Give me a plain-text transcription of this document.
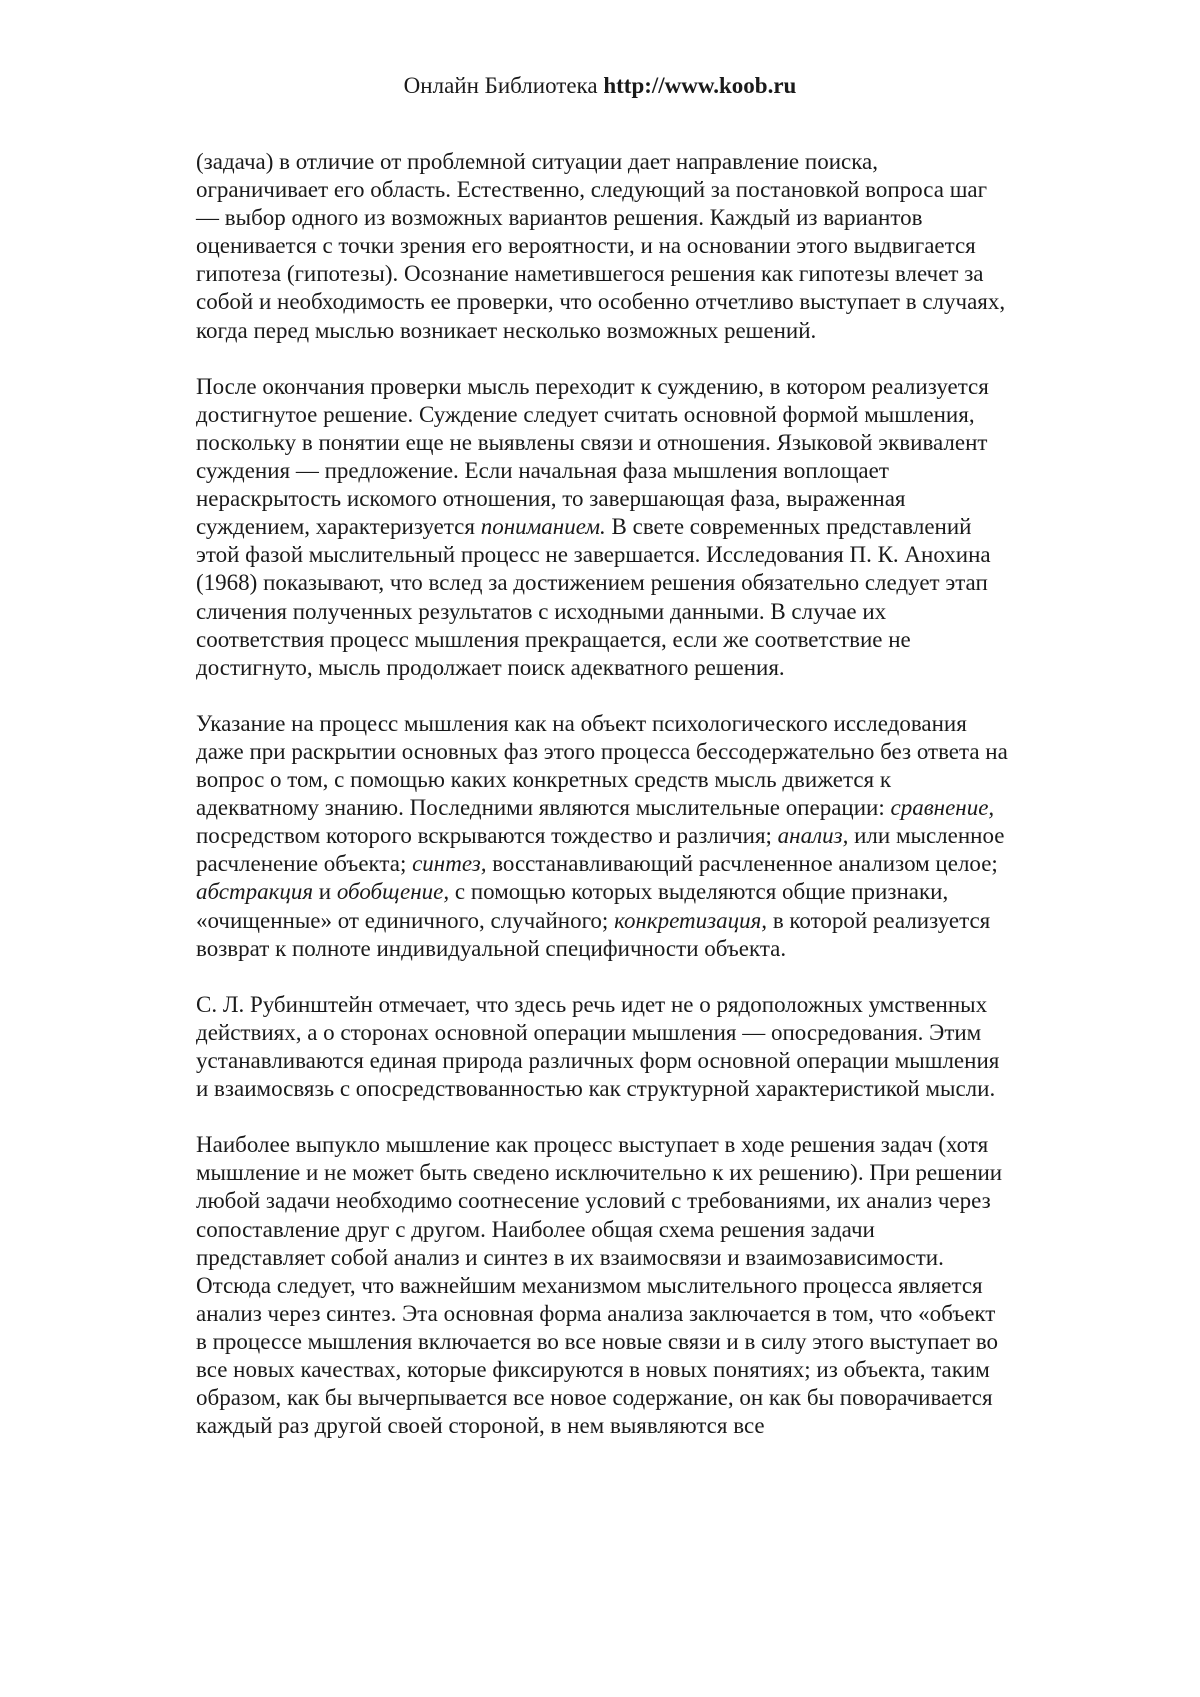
Онлайн Библиотека http://www.koob.ru

(задача) в отличие от проблемной ситуации дает направление поиска, ограничивает его область. Естественно, следующий за постановкой вопроса шаг — выбор одного из возможных вариантов решения. Каждый из вариантов оценивается с точки зрения его вероятности, и на основании этого выдвигается гипотеза (гипотезы). Осознание наметившегося решения как гипотезы влечет за собой и необходимость ее проверки, что особенно отчетливо выступает в случаях, когда перед мыслью возникает несколько возможных решений.

После окончания проверки мысль переходит к суждению, в котором реализуется достигнутое решение. Суждение следует считать основной формой мышления, поскольку в понятии еще не выявлены связи и отношения. Языковой эквивалент суждения — предложение. Если начальная фаза мышления воплощает нераскрытость искомого отношения, то завершающая фаза, выраженная суждением, характеризуется пониманием. В свете современных представлений этой фазой мыслительный процесс не завершается. Исследования П. К. Анохина (1968) показывают, что вслед за достижением решения обязательно следует этап сличения полученных результатов с исходными данными. В случае их соответствия процесс мышления прекращается, если же соответствие не достигнуто, мысль продолжает поиск адекватного решения.

Указание на процесс мышления как на объект психологического исследования даже при раскрытии основных фаз этого процесса бессодержательно без ответа на вопрос о том, с помощью каких конкретных средств мысль движется к адекватному знанию. Последними являются мыслительные операции: сравнение, посредством которого вскрываются тождество и различия; анализ, или мысленное расчленение объекта; синтез, восстанавливающий расчлененное анализом целое; абстракция и обобщение, с помощью которых выделяются общие признаки, «очищенные» от единичного, случайного; конкретизация, в которой реализуется возврат к полноте индивидуальной специфичности объекта.

С. Л. Рубинштейн отмечает, что здесь речь идет не о рядоположных умственных действиях, а о сторонах основной операции мышления — опосредования. Этим устанавливаются единая природа различных форм основной операции мышления и взаимосвязь с опосредствованностью как структурной характеристикой мысли.

Наиболее выпукло мышление как процесс выступает в ходе решения задач (хотя мышление и не может быть сведено исключительно к их решению). При решении любой задачи необходимо соотнесение условий с требованиями, их анализ через сопоставление друг с другом. Наиболее общая схема решения задачи представляет собой анализ и синтез в их взаимосвязи и взаимозависимости. Отсюда следует, что важнейшим механизмом мыслительного процесса является анализ через синтез. Эта основная форма анализа заключается в том, что «объект в процессе мышления включается во все новые связи и в силу этого выступает во все новых качествах, которые фиксируются в новых понятиях; из объекта, таким образом, как бы вычерпывается все новое содержание, он как бы поворачивается каждый раз другой своей стороной, в нем выявляются все
